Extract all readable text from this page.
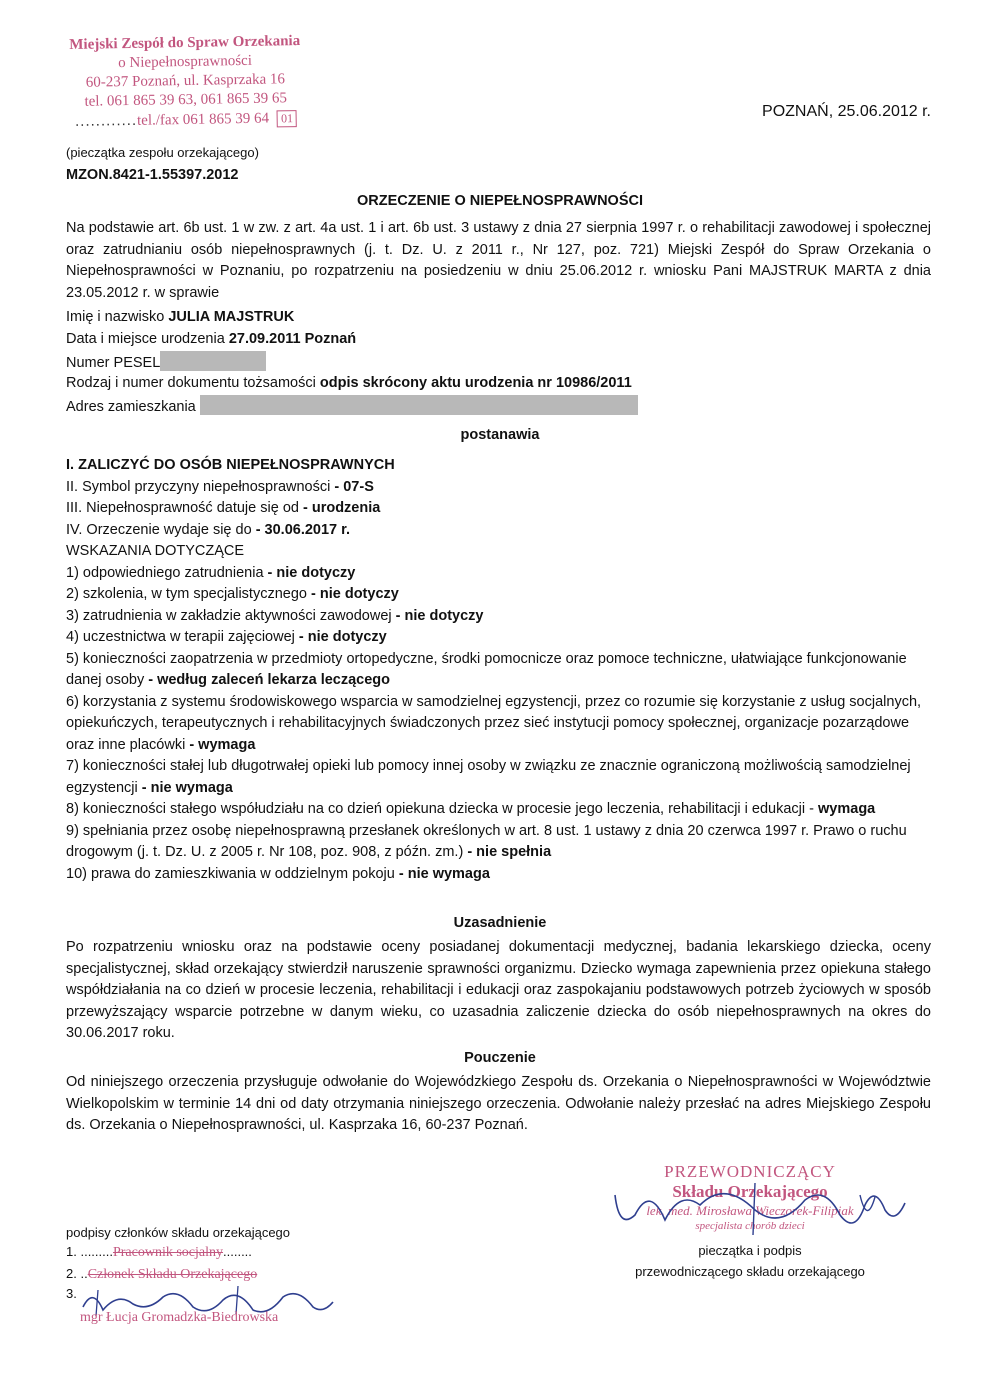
Miejski Zespół do Spraw Orzekania
o Niepełnosprawności
60-237 Poznań, ul. Kasprzaka 16
tel. 061 865 39 63, 061 865 39 65
............tel./fax 061 865 39 64 01
(pieczątka zespołu orzekającego)
MZON.8421-1.55397.2012
POZNAŃ, 25.06.2012 r.
ORZECZENIE O NIEPEŁNOSPRAWNOŚCI
Na podstawie art. 6b ust. 1 w zw. z art. 4a ust. 1 i art. 6b ust. 3 ustawy z dnia 27 sierpnia 1997 r. o rehabilitacji zawodowej i społecznej oraz zatrudnianiu osób niepełnosprawnych (j. t. Dz. U. z 2011 r., Nr 127, poz. 721) Miejski Zespół do Spraw Orzekania o Niepełnosprawności w Poznaniu, po rozpatrzeniu na posiedzeniu w dniu 25.06.2012 r. wniosku Pani MAJSTRUK MARTA z dnia 23.05.2012 r. w sprawie
Imię i nazwisko JULIA MAJSTRUK
Data i miejsce urodzenia 27.09.2011 Poznań
Numer PESEL
Rodzaj i numer dokumentu tożsamości odpis skrócony aktu urodzenia nr 10986/2011
Adres zamieszkania
postanawia

I. ZALICZYĆ DO OSÓB NIEPEŁNOSPRAWNYCH

II. Symbol przyczyny niepełnosprawności - 07-S

III. Niepełnosprawność datuje się od - urodzenia

IV. Orzeczenie wydaje się do - 30.06.2017 r.

WSKAZANIA DOTYCZĄCE

1) odpowiedniego zatrudnienia - nie dotyczy

2) szkolenia, w tym specjalistycznego - nie dotyczy

3) zatrudnienia w zakładzie aktywności zawodowej - nie dotyczy

4) uczestnictwa w terapii zajęciowej - nie dotyczy

5) konieczności zaopatrzenia w przedmioty ortopedyczne, środki pomocnicze oraz pomoce techniczne, ułatwiające funkcjonowanie danej osoby - według zaleceń lekarza leczącego

6) korzystania z systemu środowiskowego wsparcia w samodzielnej egzystencji, przez co rozumie się korzystanie z usług socjalnych, opiekuńczych, terapeutycznych i rehabilitacyjnych świadczonych przez sieć instytucji pomocy społecznej, organizacje pozarządowe oraz inne placówki - wymaga

7) konieczności stałej lub długotrwałej opieki lub pomocy innej osoby w związku ze znacznie ograniczoną możliwością samodzielnej egzystencji - nie wymaga

8) konieczności stałego współudziału na co dzień opiekuna dziecka w procesie jego leczenia, rehabilitacji i edukacji - wymaga

9) spełniania przez osobę niepełnosprawną przesłanek określonych w art. 8 ust. 1 ustawy z dnia 20 czerwca 1997 r. Prawo o ruchu drogowym (j. t. Dz. U. z 2005 r. Nr 108, poz. 908, z późn. zm.) - nie spełnia

10) prawa do zamieszkiwania w oddzielnym pokoju - nie wymaga

Uzasadnienie
Po rozpatrzeniu wniosku oraz na podstawie oceny posiadanej dokumentacji medycznej, badania lekarskiego dziecka, oceny specjalistycznej, skład orzekający stwierdził naruszenie sprawności organizmu. Dziecko wymaga zapewnienia przez opiekuna stałego współdziałania na co dzień w procesie leczenia, rehabilitacji i edukacji oraz zaspokajaniu podstawowych potrzeb życiowych w sposób przewyższający wsparcie potrzebne w danym wieku, co uzasadnia zaliczenie dziecka do osób niepełnosprawnych na okres do 30.06.2017 roku.
Pouczenie
Od niniejszego orzeczenia przysługuje odwołanie do Wojewódzkiego Zespołu ds. Orzekania o Niepełnosprawności w Województwie Wielkopolskim w terminie 14 dni od daty otrzymania niniejszego orzeczenia. Odwołanie należy przesłać na adres Miejskiego Zespołu ds. Orzekania o Niepełnosprawności, ul. Kasprzaka 16, 60-237 Poznań.
PRZEWODNICZĄCY
Składu Orzekającego
lek. med. Mirosława Wieczorek-Filipiak
specjalista chorób dzieci
pieczątka i podpis
przewodniczącego składu orzekającego
podpisy członków składu orzekającego
1. .........Pracownik socjalny........
2. ..Członek Składu Orzekającego
3.
mgr Łucja Gromadzka-Biedrowska
